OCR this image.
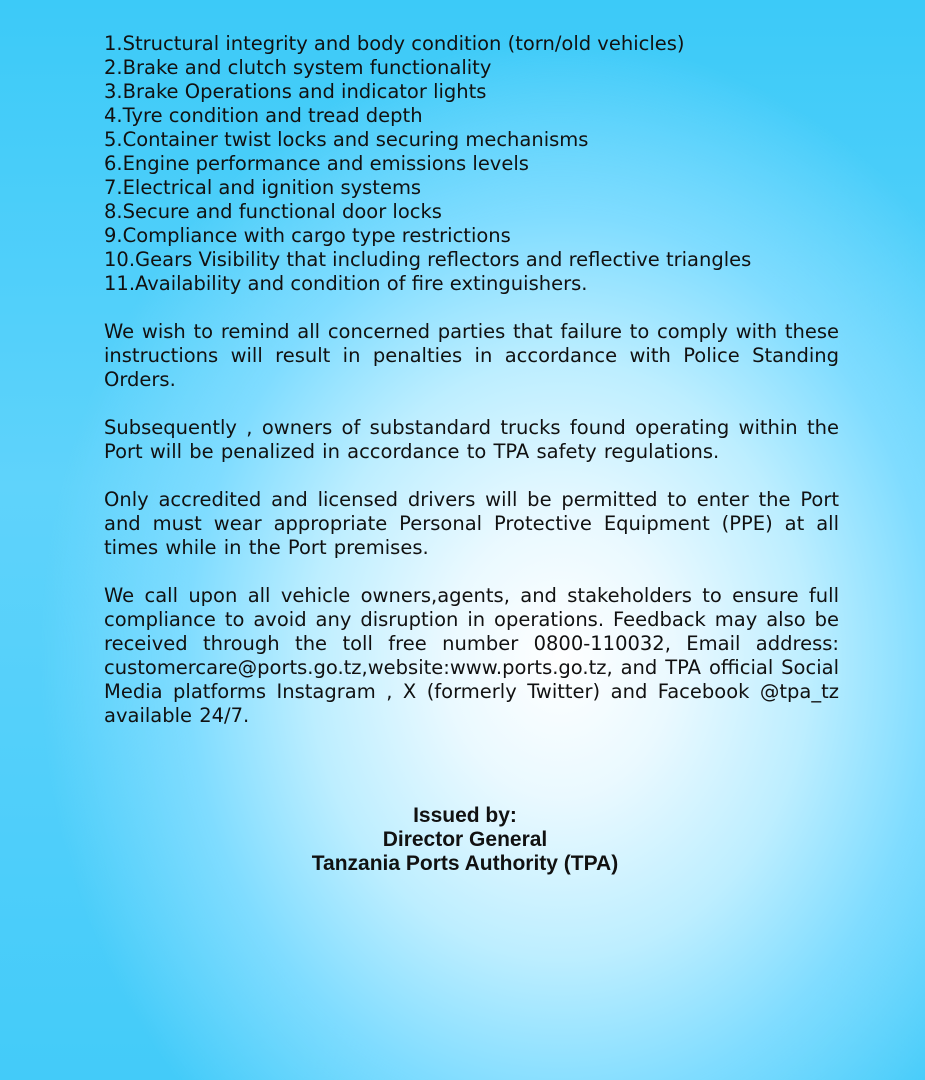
1.Structural integrity and body condition (torn/old vehicles)
2.Brake and clutch system functionality
3.Brake Operations and indicator lights
4.Tyre condition and tread depth
5.Container twist locks and securing mechanisms
6.Engine performance and emissions levels
7.Electrical and ignition systems
8.Secure and functional door locks
9.Compliance with cargo type restrictions
10.Gears Visibility that including reflectors and reflective triangles
11.Availability and condition of fire extinguishers.

We wish to remind all concerned parties that failure to comply with these instructions will result in penalties in accordance with Police Standing Orders.

Subsequently , owners of substandard trucks found operating within the Port will be penalized in accordance to TPA safety regulations.

Only accredited and licensed drivers will be permitted to enter the Port and must wear appropriate Personal Protective Equipment (PPE) at all times while in the Port premises.

We call upon all vehicle owners,agents, and stakeholders to ensure full compliance to avoid any disruption in operations. Feedback may also be received through the toll free number 0800-110032, Email address: customercare@ports.go.tz,website:www.ports.go.tz, and TPA official Social Media platforms Instagram , X (formerly Twitter) and Facebook @tpa_tz available 24/7.

Issued by:
Director General
Tanzania Ports Authority (TPA)
